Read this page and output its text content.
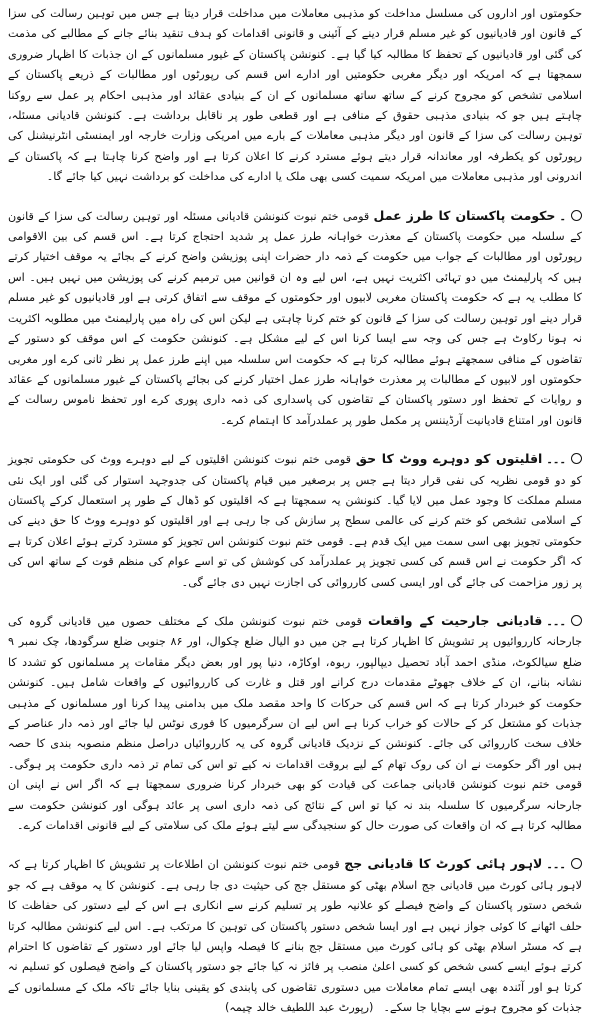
حکومتوں اور اداروں کی مسلسل مداخلت کو مذہبی معاملات میں مداخلت قرار دیتا ہے جس میں توہین رسالت کی سزا کے قانون اور قادیانیوں کو غیر مسلم قرار دینے کے آئینی و قانونی اقدامات کو ہدف تنقید بنائے جانے کے مطالبے کی مذمت کی گئی اور قادیانیوں کے تحفظ کا مطالبہ کیا گیا ہے۔ کنونشن پاکستان کے غیور مسلمانوں کے ان جذبات کا اظہار ضروری سمجھتا ہے کہ امریکہ اور دیگر مغربی حکومتیں اور ادارے اس قسم کی رپورٹوں اور مطالبات کے ذریعے پاکستان کے اسلامی تشخص کو مجروح کرنے کے ساتھ ساتھ مسلمانوں کے ان کے بنیادی عقائد اور مذہبی احکام پر عمل سے روکنا چاہتے ہیں جو کہ بنیادی مذہبی حقوق کے منافی ہے اور قطعی طور پر ناقابل برداشت ہے۔ کنونشن قادیانی مسئلہ، توہین رسالت کی سزا کے قانون اور دیگر مذہبی معاملات کے بارے میں امریکی وزارت خارجہ اور ایمنسٹی انٹرنیشنل کی رپورٹوں کو یکطرفہ اور معاندانہ قرار دیتے ہوئے مسترد کرنے کا اعلان کرتا ہے اور واضح کرنا چاہتا ہے کہ پاکستان کے اندرونی اور مذہبی معاملات میں امریکہ سمیت کسی بھی ملک یا ادارے کی مداخلت کو برداشت نہیں کیا جائے گا۔

۔حکومت پاکستان کا طرز عمل قومی ختم نبوت کنونشن قادیانی مسئلہ اور توہین رسالت کی سزا کے قانون کے سلسلہ میں حکومت پاکستان کے معذرت خواہانہ طرز عمل پر شدید احتجاج کرتا ہے۔ اس قسم کی بین الاقوامی رپورٹوں اور مطالبات کے جواب میں حکومت کے ذمہ دار حضرات اپنی پوزیشن واضح کرنے کے بجائے یہ موقف اختیار کرتے ہیں کہ پارلیمنٹ میں دو تہائی اکثریت نہیں ہے، اس لیے وہ ان قوانین میں ترمیم کرنے کی پوزیشن میں نہیں ہیں۔ اس کا مطلب یہ ہے کہ حکومت پاکستان مغربی لابیوں اور حکومتوں کے موقف سے اتفاق کرتی ہے اور قادیانیوں کو غیر مسلم قرار دینے اور توہین رسالت کی سزا کے قانون کو ختم کرنا چاہتی ہے لیکن اس کی راہ میں پارلیمنٹ میں مطلوبہ اکثریت نہ ہونا رکاوٹ ہے جس کی وجہ سے ایسا کرنا اس کے لیے مشکل ہے۔ کنونشن حکومت کے اس موقف کو دستور کے تقاضوں کے منافی سمجھتے ہوئے مطالبہ کرتا ہے کہ حکومت اس سلسلہ میں اپنے طرز عمل پر نظر ثانی کرے اور مغربی حکومتوں اور لابیوں کے مطالبات پر معذرت خواہانہ طرز عمل اختیار کرنے کی بجائے پاکستان کے غیور مسلمانوں کے عقائد و روایات کے تحفظ اور دستور پاکستان کے تقاضوں کی پاسداری کی ذمہ داری پوری کرے اور تحفظ ناموس رسالت کے قانون اور امتناع قادیانیت آرڈیننس پر مکمل طور پر عملدرآمد کا اہتمام کرے۔

۔۔۔اقلیتوں کو دوہرے ووٹ کا حق قومی ختم نبوت کنونشن اقلیتوں کے لیے دوہرے ووٹ کی حکومتی تجویز کو دو قومی نظریہ کی نفی قرار دیتا ہے جس پر برصغیر میں قیام پاکستان کی جدوجہد استوار کی گئی اور ایک نئی مسلم مملکت کا وجود عمل میں لایا گیا۔ کنونشن یہ سمجھتا ہے کہ اقلیتوں کو ڈھال کے طور پر استعمال کرکے پاکستان کے اسلامی تشخص کو ختم کرنے کی عالمی سطح پر سازش کی جا رہی ہے اور اقلیتوں کو دوہرے ووٹ کا حق دینے کی حکومتی تجویز بھی اسی سمت میں ایک قدم ہے۔ قومی ختم نبوت کنونشن اس تجویز کو مسترد کرتے ہوئے اعلان کرتا ہے کہ اگر حکومت نے اس قسم کی کسی تجویز پر عملدرآمد کی کوشش کی تو اسے عوام کی منظم قوت کے ساتھ اس کی پر زور مزاحمت کی جائے گی اور ایسی کسی کارروائی کی اجازت نہیں دی جائے گی۔

۔۔۔قادیانی جارحیت کے واقعات قومی ختم نبوت کنونشن ملک کے مختلف حصوں میں قادیانی گروہ کی جارحانہ کارروائیوں پر تشویش کا اظہار کرتا ہے جن میں دو الیال ضلع چکوال، اور ۸۶ جنوبی ضلع سرگودھا، چک نمبر ۹ ضلع سیالکوٹ، منڈی احمد آباد تحصیل دیپالپور، ربوہ، اوکاڑہ، دنیا پور اور بعض دیگر مقامات پر مسلمانوں کو تشدد کا نشانہ بنانے، ان کے خلاف جھوٹے مقدمات درج کرانے اور قتل و غارت کی کارروائیوں کے واقعات شامل ہیں۔ کنونشن حکومت کو خبردار کرتا ہے کہ اس قسم کی حرکات کا واحد مقصد ملک میں بدامنی پیدا کرنا اور مسلمانوں کے مذہبی جذبات کو مشتعل کر کے حالات کو خراب کرنا ہے اس لیے ان سرگرمیوں کا فوری نوٹس لیا جائے اور ذمہ دار عناصر کے خلاف سخت کارروائی کی جائے۔ کنونشن کے نزدیک قادیانی گروہ کی یہ کارروائیاں دراصل منظم منصوبہ بندی کا حصہ ہیں اور اگر حکومت نے ان کی روک تھام کے لیے بروقت اقدامات نہ کیے تو اس کی تمام تر ذمہ داری حکومت پر ہوگی۔ قومی ختم نبوت کنونشن قادیانی جماعت کی قیادت کو بھی خبردار کرنا ضروری سمجھتا ہے کہ اگر اس نے اپنی ان جارحانہ سرگرمیوں کا سلسلہ بند نہ کیا تو اس کے نتائج کی ذمہ داری اسی پر عائد ہوگی اور کنونشن حکومت سے مطالبہ کرتا ہے کہ ان واقعات کی صورت حال کو سنجیدگی سے لیتے ہوئے ملک کی سلامتی کے لیے قانونی اقدامات کرے۔

۔۔۔لاہور ہائی کورٹ کا قادیانی جج قومی ختم نبوت کنونشن ان اطلاعات پر تشویش کا اظہار کرتا ہے کہ لاہور ہائی کورٹ میں قادیانی جج اسلام بھٹی کو مستقل جج کی حیثیت دی جا رہی ہے۔ کنونشن کا یہ موقف ہے کہ جو شخص دستور پاکستان کے واضح فیصلے کو علانیہ طور پر تسلیم کرنے سے انکاری ہے اس کے لیے دستور کی حفاظت کا حلف اٹھانے کا کوئی جواز نہیں ہے اور ایسا شخص دستور پاکستان کی توہین کا مرتکب ہے۔ اس لیے کنونشن مطالبہ کرتا ہے کہ مسٹر اسلام بھٹی کو ہائی کورٹ میں مستقل جج بنانے کا فیصلہ واپس لیا جائے اور دستور کے تقاضوں کا احترام کرتے ہوئے ایسے کسی شخص کو کسی اعلیٰ منصب پر فائز نہ کیا جائے جو دستور پاکستان کے واضح فیصلوں کو تسلیم نہ کرتا ہو اور آئندہ بھی ایسے تمام معاملات میں دستوری تقاضوں کی پابندی کو یقینی بنایا جائے تاکہ ملک کے مسلمانوں کے جذبات کو مجروح ہونے سے بچایا جا سکے۔ (رپورٹ عبد اللطیف خالد چیمہ)
